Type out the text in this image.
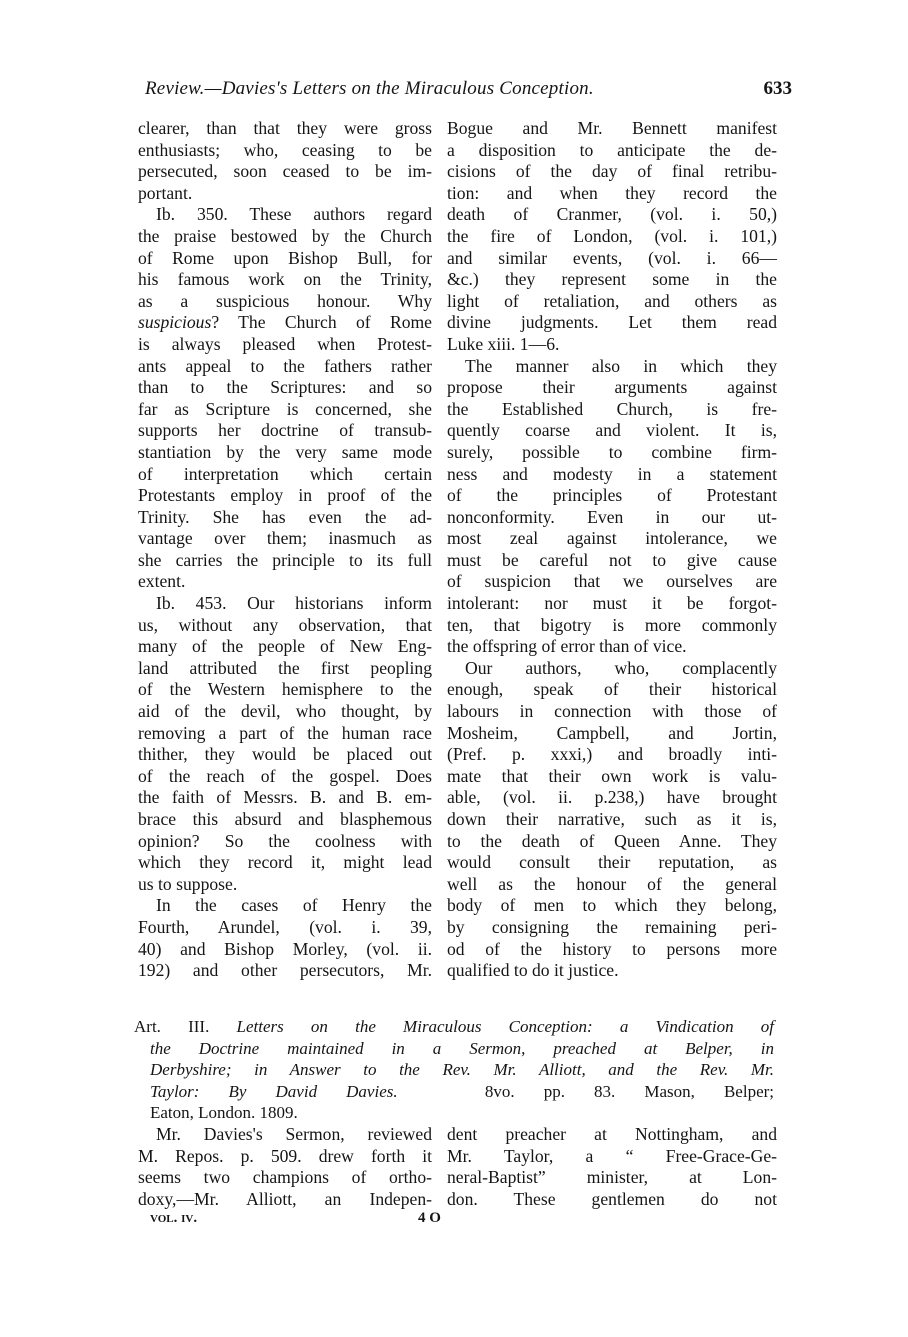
Review.—Davies's Letters on the Miraculous Conception.	633
clearer, than that they were gross
enthusiasts; who, ceasing to be
persecuted, soon ceased to be im-
portant.
Ib. 350. These authors regard
the praise bestowed by the Church
of Rome upon Bishop Bull, for
his famous work on the Trinity,
as a suspicious honour. Why
suspicious? The Church of Rome
is always pleased when Protest-
ants appeal to the fathers rather
than to the Scriptures: and so
far as Scripture is concerned, she
supports her doctrine of transub-
stantiation by the very same mode
of interpretation which certain
Protestants employ in proof of the
Trinity. She has even the ad-
vantage over them; inasmuch as
she carries the principle to its full
extent.
Ib. 453. Our historians inform
us, without any observation, that
many of the people of New Eng-
land attributed the first peopling
of the Western hemisphere to the
aid of the devil, who thought, by
removing a part of the human race
thither, they would be placed out
of the reach of the gospel. Does
the faith of Messrs. B. and B. em-
brace this absurd and blasphemous
opinion? So the coolness with
which they record it, might lead
us to suppose.
In the cases of Henry the
Fourth, Arundel, (vol. i. 39,
40) and Bishop Morley, (vol. ii.
192) and other persecutors, Mr.
Bogue and Mr. Bennett manifest
a disposition to anticipate the de-
cisions of the day of final retribu-
tion: and when they record the
death of Cranmer, (vol. i. 50,)
the fire of London, (vol. i. 101,)
and similar events, (vol. i. 66—
&c.) they represent some in the
light of retaliation, and others as
divine judgments. Let them read
Luke xiii. 1—6.
The manner also in which they
propose their arguments against
the Established Church, is fre-
quently coarse and violent. It is,
surely, possible to combine firm-
ness and modesty in a statement
of the principles of Protestant
nonconformity. Even in our ut-
most zeal against intolerance, we
must be careful not to give cause
of suspicion that we ourselves are
intolerant: nor must it be forgot-
ten, that bigotry is more commonly
the offspring of error than of vice.
Our authors, who, complacently
enough, speak of their historical
labours in connection with those of
Mosheim, Campbell, and Jortin,
(Pref. p. xxxi,) and broadly inti-
mate that their own work is valu-
able, (vol. ii. p.238,) have brought
down their narrative, such as it is,
to the death of Queen Anne. They
would consult their reputation, as
well as the honour of the general
body of men to which they belong,
by consigning the remaining peri-
od of the history to persons more
qualified to do it justice.
Art. III. Letters on the Miraculous Conception: a Vindication of
the Doctrine maintained in a Sermon, preached at Belper, in
Derbyshire; in Answer to the Rev. Mr. Alliott, and the Rev. Mr.
Taylor: By David Davies.	8vo. pp. 83. Mason, Belper;
Eaton, London. 1809.
Mr. Davies's Sermon, reviewed
M. Repos. p. 509. drew forth it
seems two champions of ortho-
doxy,—Mr. Alliott, an Indepen-
dent preacher at Nottingham, and
Mr. Taylor, a “ Free-Grace-Ge-
neral-Baptist” minister, at Lon-
don. These gentlemen do not
vol. iv.	4 O
